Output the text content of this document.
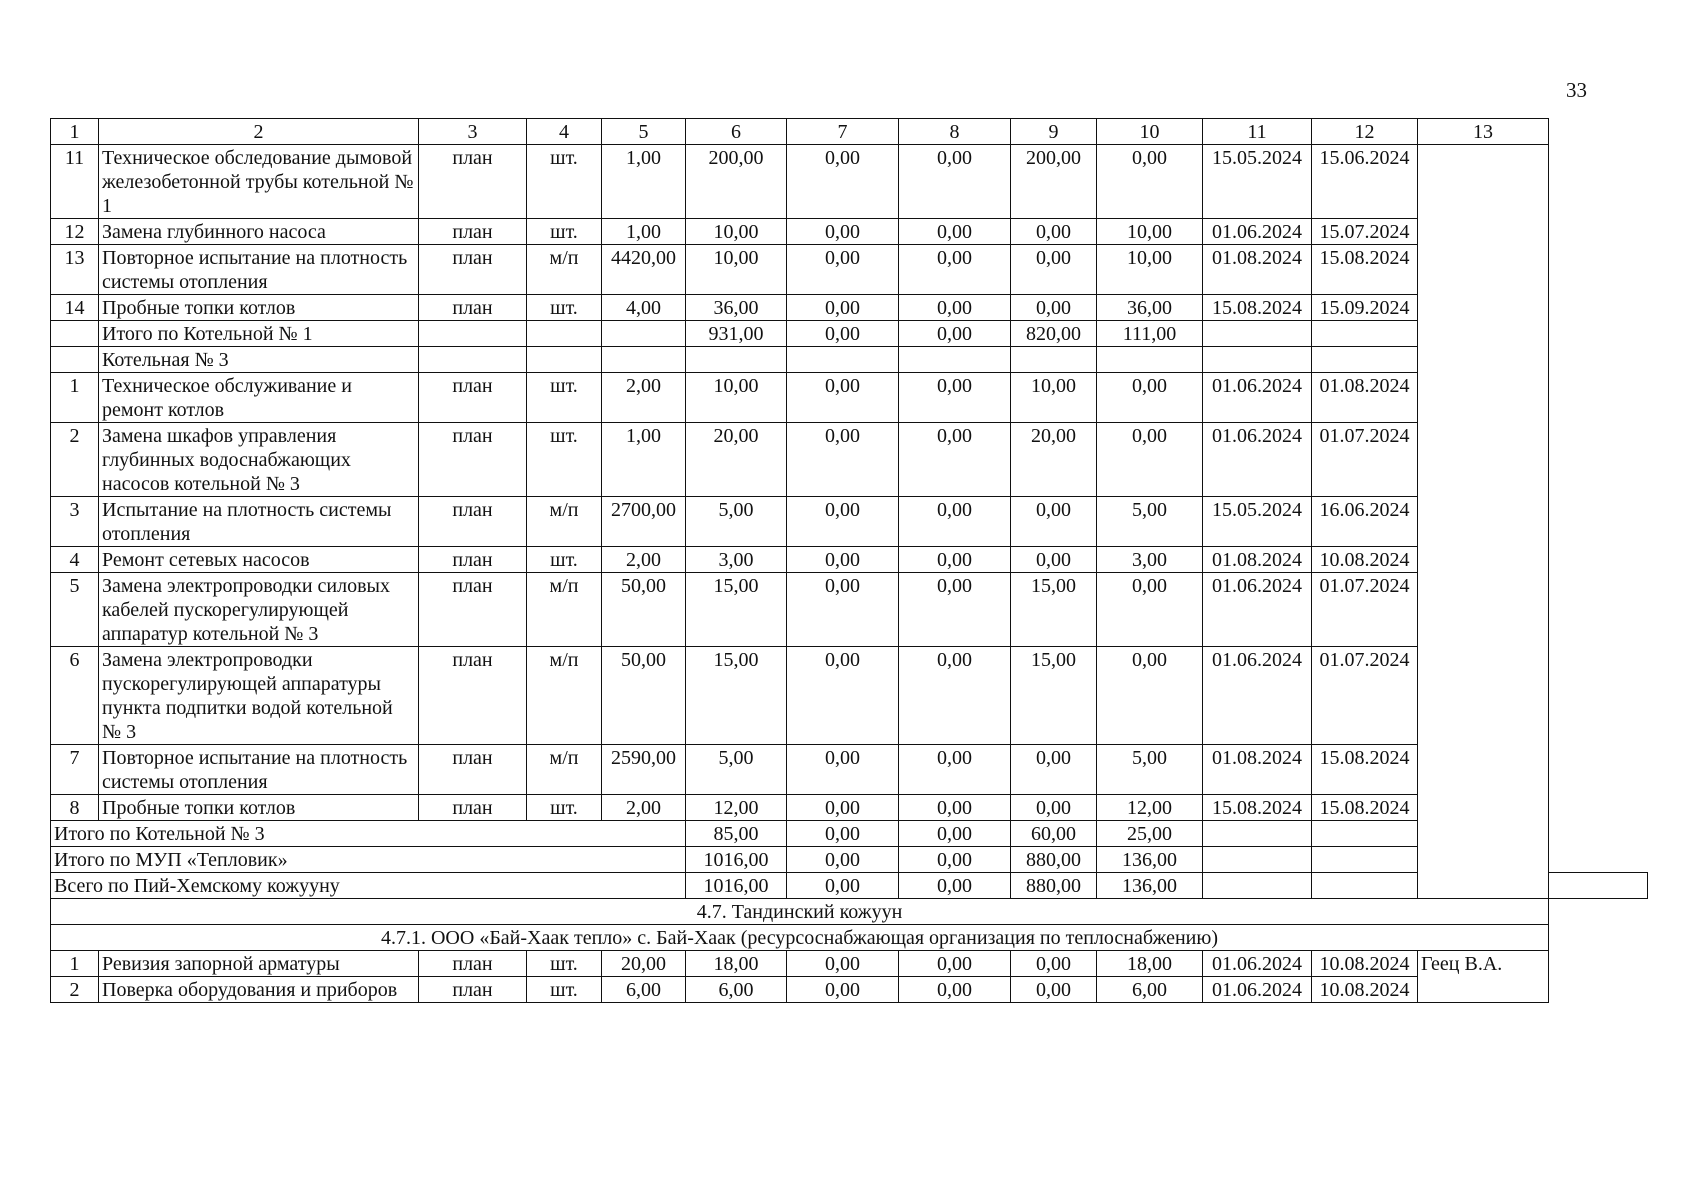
33
1	2	3	4	5	6	7	8	9	10	11	12	13	
11	Техническое обследование дымовой железобетонной трубы котельной № 1	план	шт.	1,00	200,00	0,00	0,00	200,00	0,00	15.05.2024	15.06.2024		
12	Замена глубинного насоса	план	шт.	1,00	10,00	0,00	0,00	0,00	10,00	01.06.2024	15.07.2024		
13	Повторное испытание на плотность системы отопления	план	м/п	4420,00	10,00	0,00	0,00	0,00	10,00	01.08.2024	15.08.2024		
14	Пробные топки котлов	план	шт.	4,00	36,00	0,00	0,00	0,00	36,00	15.08.2024	15.09.2024		
	Итого по Котельной № 1				931,00	0,00	0,00	820,00	111,00				
	Котельная № 3												
1	Техническое обслуживание и ремонт котлов	план	шт.	2,00	10,00	0,00	0,00	10,00	0,00	01.06.2024	01.08.2024		
2	Замена шкафов управления глубинных водоснабжающих насосов котельной № 3	план	шт.	1,00	20,00	0,00	0,00	20,00	0,00	01.06.2024	01.07.2024		
3	Испытание на плотность системы отопления	план	м/п	2700,00	5,00	0,00	0,00	0,00	5,00	15.05.2024	16.06.2024		
4	Ремонт сетевых насосов	план	шт.	2,00	3,00	0,00	0,00	0,00	3,00	01.08.2024	10.08.2024		
5	Замена электропроводки силовых кабелей пускорегулирующей аппаратур котельной № 3	план	м/п	50,00	15,00	0,00	0,00	15,00	0,00	01.06.2024	01.07.2024		
6	Замена электропроводки пускорегулирующей аппаратуры пункта подпитки водой котельной № 3	план	м/п	50,00	15,00	0,00	0,00	15,00	0,00	01.06.2024	01.07.2024		
7	Повторное испытание на плотность системы отопления	план	м/п	2590,00	5,00	0,00	0,00	0,00	5,00	01.08.2024	15.08.2024		
8	Пробные топки котлов	план	шт.	2,00	12,00	0,00	0,00	0,00	12,00	15.08.2024	15.08.2024		
Итого по Котельной № 3					85,00	0,00	0,00	60,00	25,00				
Итого по МУП «Тепловик»					1016,00	0,00	0,00	880,00	136,00				
Всего по Пий-Хемскому кожууну					1016,00	0,00	0,00	880,00	136,00				
4.7. Тандинский кожуун													
4.7.1. ООО «Бай-Хаак тепло» с. Бай-Хаак (ресурсоснабжающая организация по теплоснабжению)													
1	Ревизия запорной арматуры	план	шт.	20,00	18,00	0,00	0,00	0,00	18,00	01.06.2024	10.08.2024	Геец В.А.	
2	Поверка оборудования и приборов	план	шт.	6,00	6,00	0,00	0,00	0,00	6,00	01.06.2024	10.08.2024		
